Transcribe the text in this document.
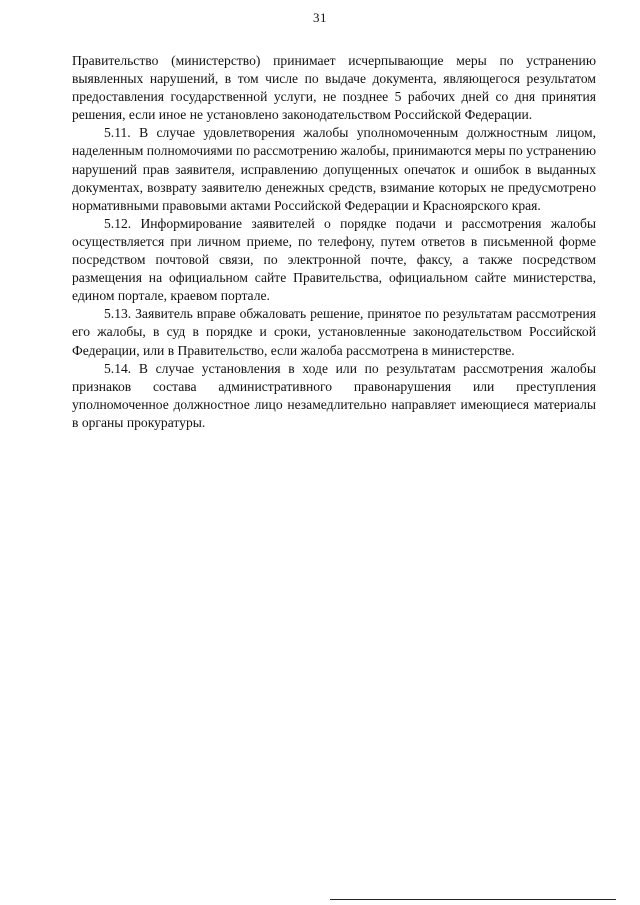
31

Правительство (министерство) принимает исчерпывающие меры по устранению выявленных нарушений, в том числе по выдаче документа, являющегося результатом предоставления государственной услуги, не позднее 5 рабочих дней со дня принятия решения, если иное не установлено законодательством Российской Федерации.

5.11. В случае удовлетворения жалобы уполномоченным должностным лицом, наделенным полномочиями по рассмотрению жалобы, принимаются меры по устранению нарушений прав заявителя, исправлению допущенных опечаток и ошибок в выданных документах, возврату заявителю денежных средств, взимание которых не предусмотрено нормативными правовыми актами Российской Федерации и Красноярского края.

5.12. Информирование заявителей о порядке подачи и рассмотрения жалобы осуществляется при личном приеме, по телефону, путем ответов в письменной форме посредством почтовой связи, по электронной почте, факсу, а также посредством размещения на официальном сайте Правительства, официальном сайте министерства, едином портале, краевом портале.

5.13. Заявитель вправе обжаловать решение, принятое по результатам рассмотрения его жалобы, в суд в порядке и сроки, установленные законодательством Российской Федерации, или в Правительство, если жалоба рассмотрена в министерстве.

5.14. В случае установления в ходе или по результатам рассмотрения жалобы признаков состава административного правонарушения или преступления уполномоченное должностное лицо незамедлительно направляет имеющиеся материалы в органы прокуратуры.
